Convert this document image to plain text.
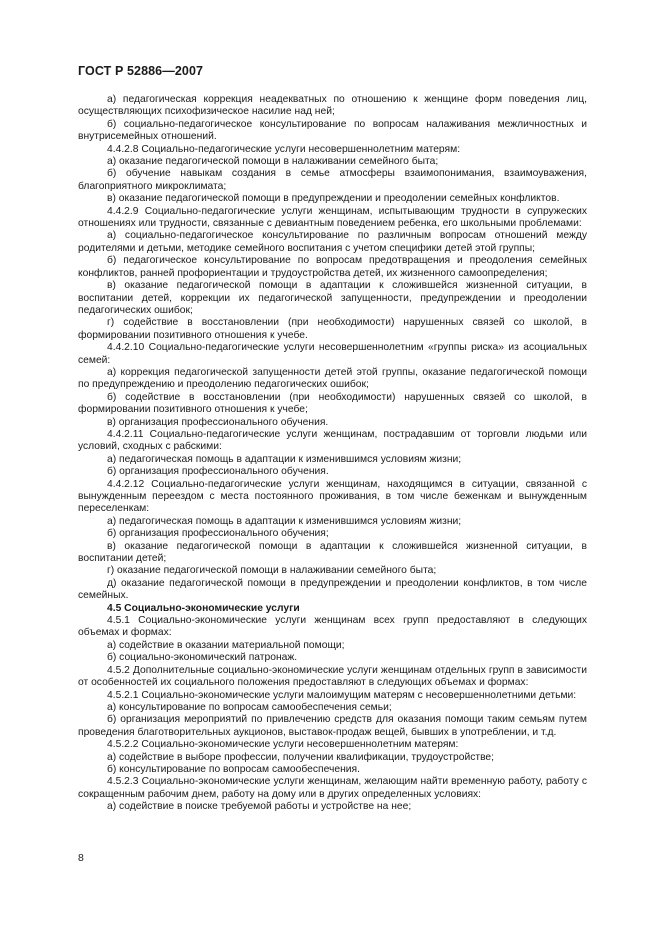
ГОСТ Р 52886—2007

а) педагогическая коррекция неадекватных по отношению к женщине форм поведения лиц, осуществляющих психофизическое насилие над ней;

б) социально-педагогическое консультирование по вопросам налаживания межличностных и внутрисемейных отношений.

4.4.2.8 Социально-педагогические услуги несовершеннолетним матерям:

а) оказание педагогической помощи в налаживании семейного быта;

б) обучение навыкам создания в семье атмосферы взаимопонимания, взаимоуважения, благоприятного микроклимата;

в) оказание педагогической помощи в предупреждении и преодолении семейных конфликтов.

4.4.2.9 Социально-педагогические услуги женщинам, испытывающим трудности в супружеских отношениях или трудности, связанные с девиантным поведением ребенка, его школьными проблемами:

а) социально-педагогическое консультирование по различным вопросам отношений между родителями и детьми, методике семейного воспитания с учетом специфики детей этой группы;

б) педагогическое консультирование по вопросам предотвращения и преодоления семейных конфликтов, ранней профориентации и трудоустройства детей, их жизненного самоопределения;

в) оказание педагогической помощи в адаптации к сложившейся жизненной ситуации, в воспитании детей, коррекции их педагогической запущенности, предупреждении и преодолении педагогических ошибок;

г) содействие в восстановлении (при необходимости) нарушенных связей со школой, в формировании позитивного отношения к учебе.

4.4.2.10 Социально-педагогические услуги несовершеннолетним «группы риска» из асоциальных семей:

а) коррекция педагогической запущенности детей этой группы, оказание педагогической помощи по предупреждению и преодолению педагогических ошибок;

б) содействие в восстановлении (при необходимости) нарушенных связей со школой, в формировании позитивного отношения к учебе;

в) организация профессионального обучения.

4.4.2.11 Социально-педагогические услуги женщинам, пострадавшим от торговли людьми или условий, сходных с рабскими:

а) педагогическая помощь в адаптации к изменившимся условиям жизни;

б) организация профессионального обучения.

4.4.2.12 Социально-педагогические услуги женщинам, находящимся в ситуации, связанной с вынужденным переездом с места постоянного проживания, в том числе беженкам и вынужденным переселенкам:

а) педагогическая помощь в адаптации к изменившимся условиям жизни;

б) организация профессионального обучения;

в) оказание педагогической помощи в адаптации к сложившейся жизненной ситуации, в воспитании детей;

г) оказание педагогической помощи в налаживании семейного быта;

д) оказание педагогической помощи в предупреждении и преодолении конфликтов, в том числе семейных.

4.5 Социально-экономические услуги

4.5.1 Социально-экономические услуги женщинам всех групп предоставляют в следующих объемах и формах:

а) содействие в оказании материальной помощи;

б) социально-экономический патронаж.

4.5.2 Дополнительные социально-экономические услуги женщинам отдельных групп в зависимости от особенностей их социального положения предоставляют в следующих объемах и формах:

4.5.2.1 Социально-экономические услуги малоимущим матерям с несовершеннолетними детьми:

а) консультирование по вопросам самообеспечения семьи;

б) организация мероприятий по привлечению средств для оказания помощи таким семьям путем проведения благотворительных аукционов, выставок-продаж вещей, бывших в употреблении, и т.д.

4.5.2.2 Социально-экономические услуги несовершеннолетним матерям:

а) содействие в выборе профессии, получении квалификации, трудоустройстве;

б) консультирование по вопросам самообеспечения.

4.5.2.3 Социально-экономические услуги женщинам, желающим найти временную работу, работу с сокращенным рабочим днем, работу на дому или в других определенных условиях:

а) содействие в поиске требуемой работы и устройстве на нее;

8
